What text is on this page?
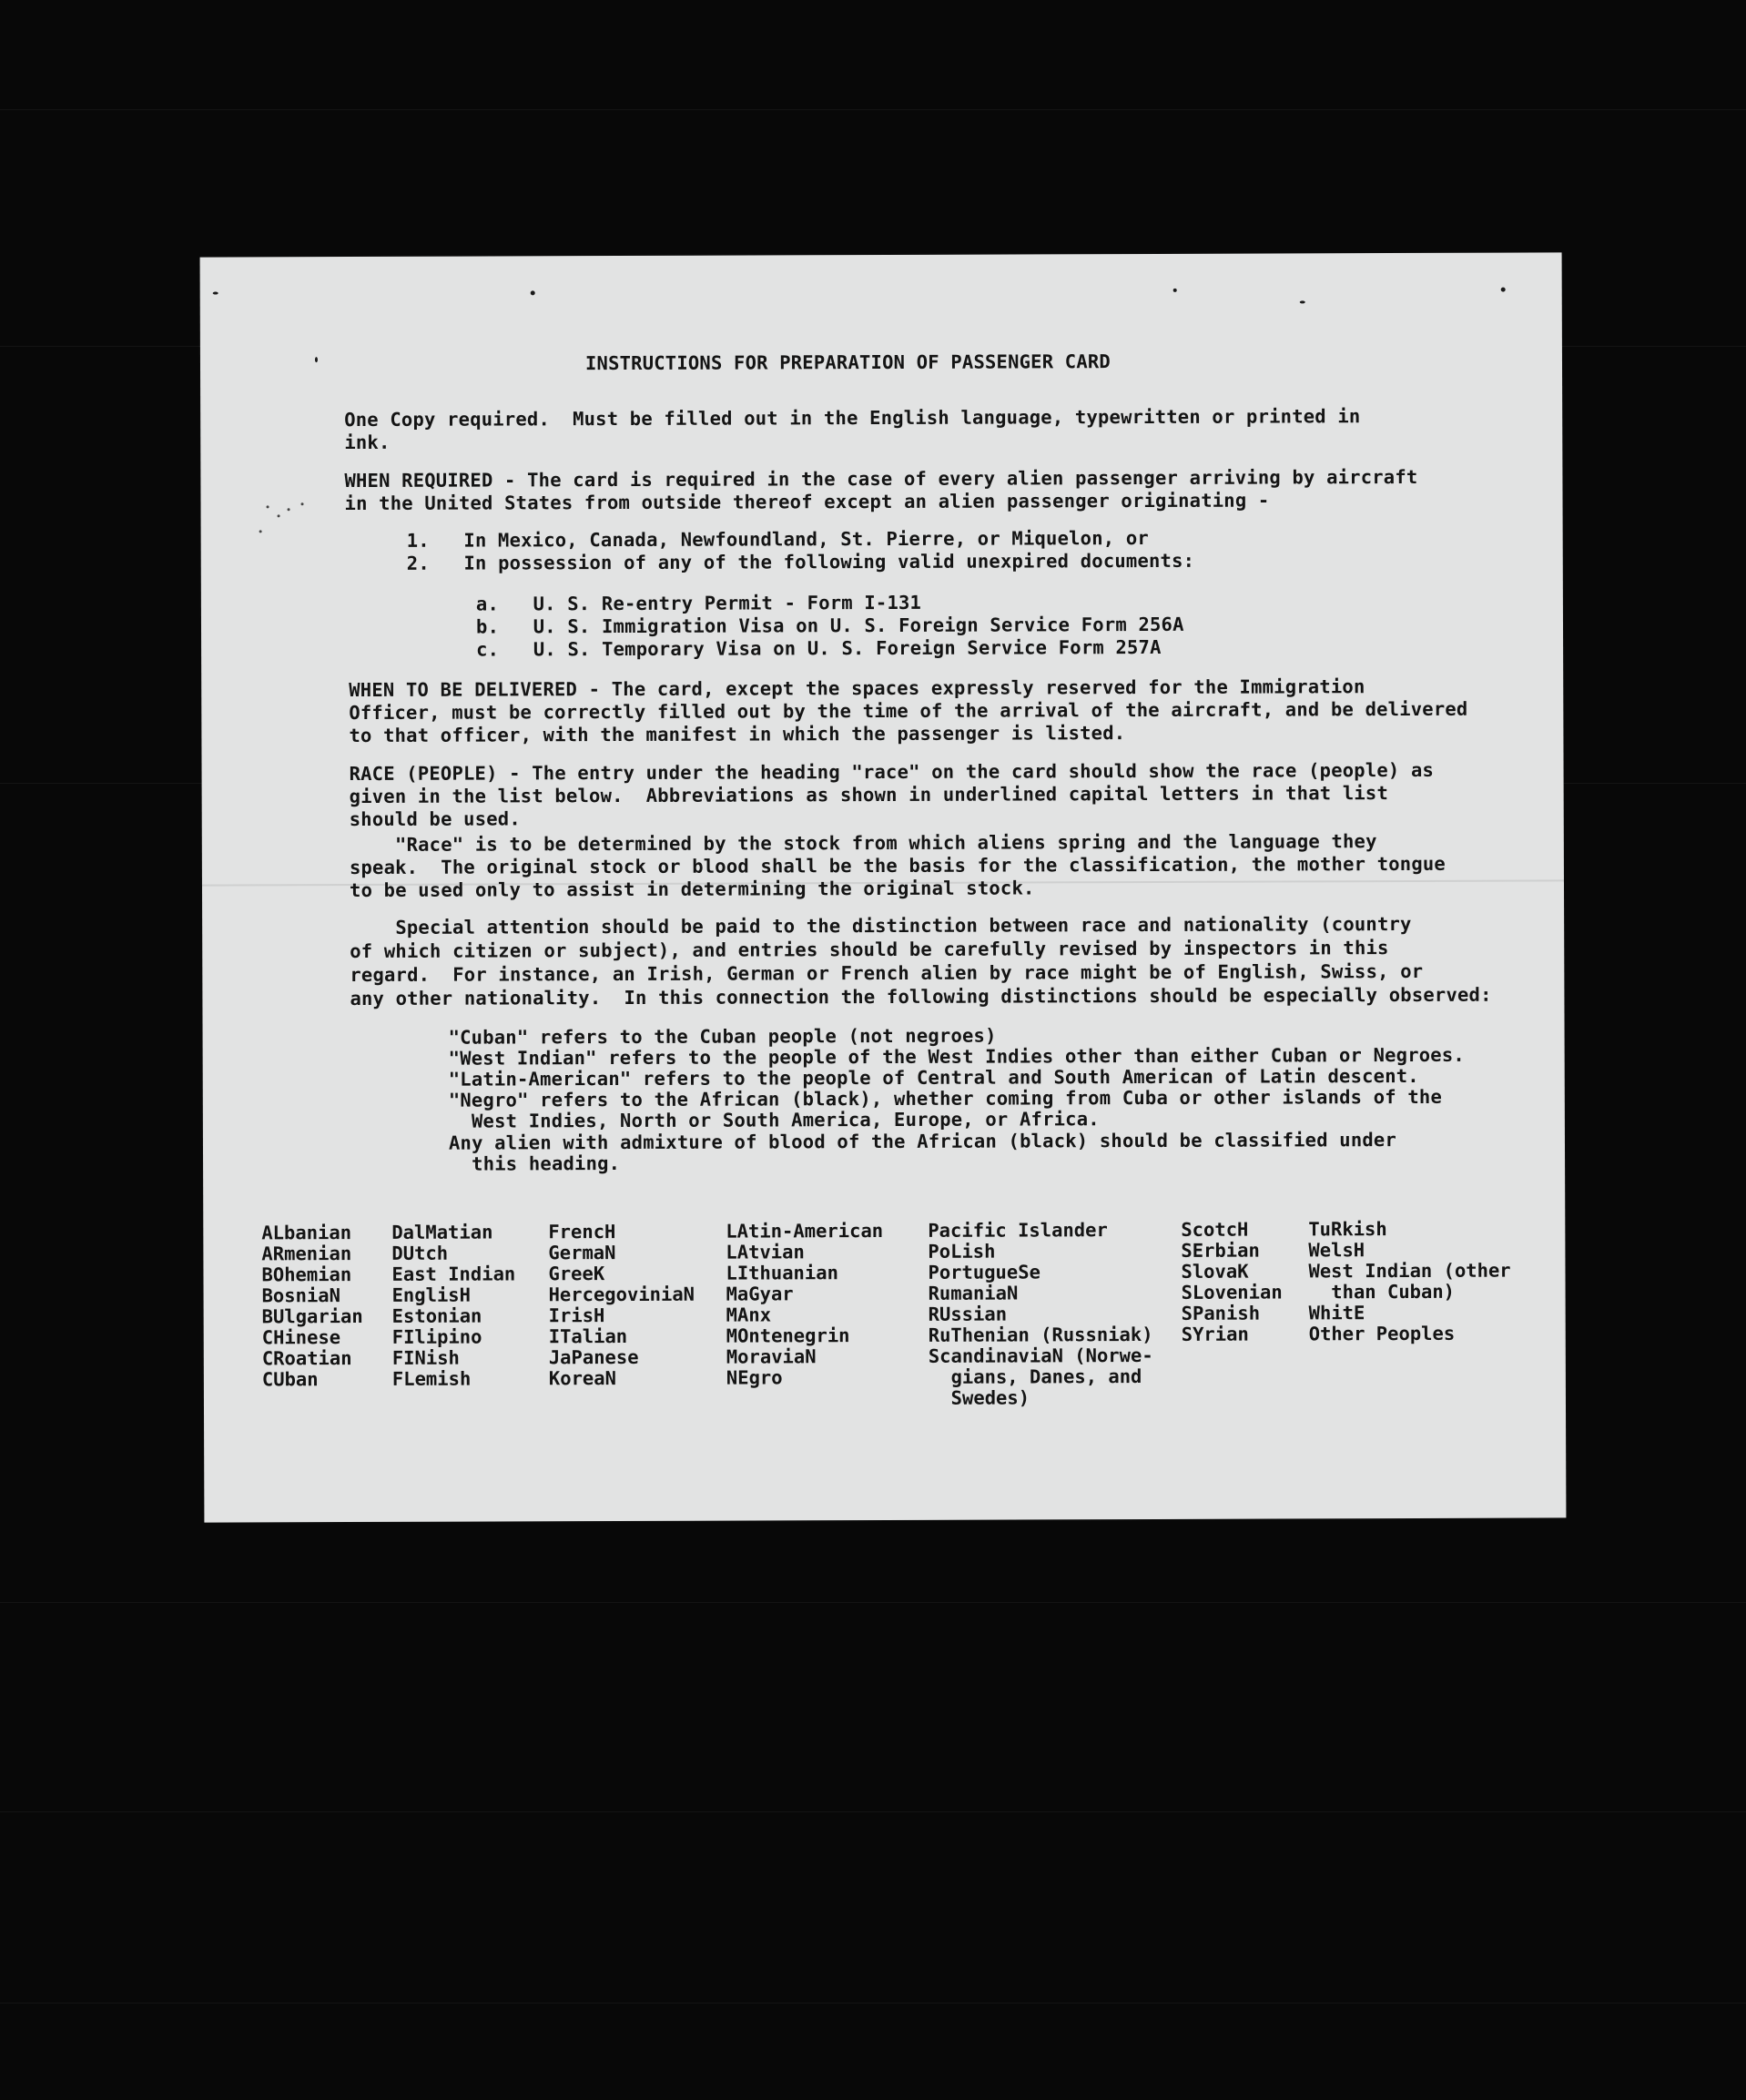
INSTRUCTIONS FOR PREPARATION OF PASSENGER CARD
One Copy required.  Must be filled out in the English language, typewritten or printed in
ink.
WHEN REQUIRED - The card is required in the case of every alien passenger arriving by aircraft
in the United States from outside thereof except an alien passenger originating -
1.   In Mexico, Canada, Newfoundland, St. Pierre, or Miquelon, or
2.   In possession of any of the following valid unexpired documents:
a.   U. S. Re-entry Permit - Form I-131
b.   U. S. Immigration Visa on U. S. Foreign Service Form 256A
c.   U. S. Temporary Visa on U. S. Foreign Service Form 257A
WHEN TO BE DELIVERED - The card, except the spaces expressly reserved for the Immigration
Officer, must be correctly filled out by the time of the arrival of the aircraft, and be delivered
to that officer, with the manifest in which the passenger is listed.
RACE (PEOPLE) - The entry under the heading "race" on the card should show the race (people) as
given in the list below.  Abbreviations as shown in underlined capital letters in that list
should be used.
"Race" is to be determined by the stock from which aliens spring and the language they
speak.  The original stock or blood shall be the basis for the classification, the mother tongue
to be used only to assist in determining the original stock.
Special attention should be paid to the distinction between race and nationality (country
of which citizen or subject), and entries should be carefully revised by inspectors in this
regard.  For instance, an Irish, German or French alien by race might be of English, Swiss, or
any other nationality.  In this connection the following distinctions should be especially observed:
"Cuban" refers to the Cuban people (not negroes)
"West Indian" refers to the people of the West Indies other than either Cuban or Negroes.
"Latin-American" refers to the people of Central and South American of Latin descent.
"Negro" refers to the African (black), whether coming from Cuba or other islands of the
West Indies, North or South America, Europe, or Africa.
Any alien with admixture of blood of the African (black) should be classified under
this heading.
ALbanian
ARmenian
BOhemian
BosniaN
BUlgarian
CHinese
CRoatian
CUban
DalMatian
DUtch
East Indian
EnglisH
Estonian
FIlipino
FINish
FLemish
FrencH
GermaN
GreeK
HercegoviniaN
IrisH
ITalian
JaPanese
KoreaN
LAtin-American
LAtvian
LIthuanian
MaGyar
MAnx
MOntenegrin
MoraviaN
NEgro
Pacific Islander
PoLish
PortugueSe
RumaniaN
RUssian
RuThenian (Russniak)
ScandinaviaN (Norwe-
gians, Danes, and
Swedes)
ScotcH
SErbian
SlovaK
SLovenian
SPanish
SYrian
TuRkish
WelsH
West Indian (other
than Cuban)
WhitE
Other Peoples
